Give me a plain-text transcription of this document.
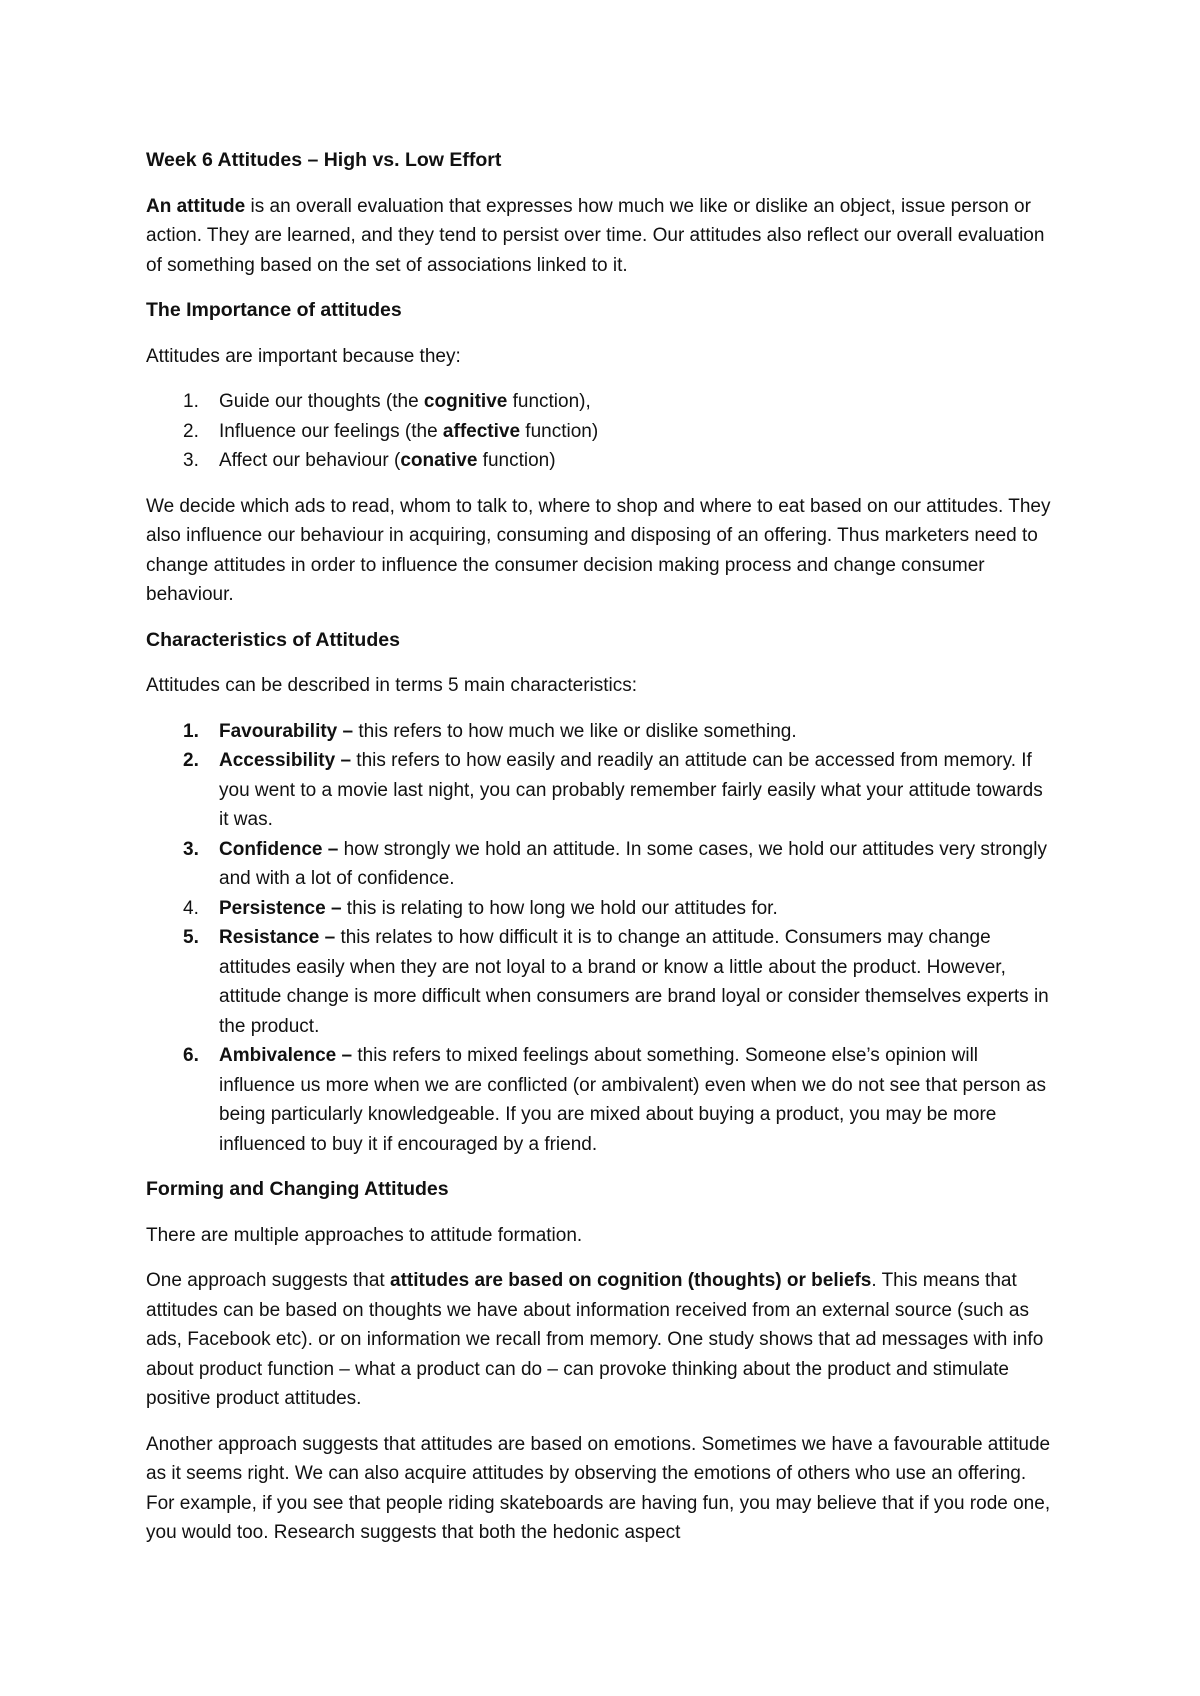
Week 6 Attitudes – High vs. Low Effort

An attitude is an overall evaluation that expresses how much we like or dislike an object, issue person or action. They are learned, and they tend to persist over time. Our attitudes also reflect our overall evaluation of something based on the set of associations linked to it.

The Importance of attitudes

Attitudes are important because they:

1. Guide our thoughts (the cognitive function),
2. Influence our feelings (the affective function)
3. Affect our behaviour (conative function)

We decide which ads to read, whom to talk to, where to shop and where to eat based on our attitudes. They also influence our behaviour in acquiring, consuming and disposing of an offering. Thus marketers need to change attitudes in order to influence the consumer decision making process and change consumer behaviour.

Characteristics of Attitudes

Attitudes can be described in terms 5 main characteristics:

1. Favourability – this refers to how much we like or dislike something.
2. Accessibility – this refers to how easily and readily an attitude can be accessed from memory. If you went to a movie last night, you can probably remember fairly easily what your attitude towards it was.
3. Confidence – how strongly we hold an attitude. In some cases, we hold our attitudes very strongly and with a lot of confidence.
4. Persistence – this is relating to how long we hold our attitudes for.
5. Resistance – this relates to how difficult it is to change an attitude. Consumers may change attitudes easily when they are not loyal to a brand or know a little about the product. However, attitude change is more difficult when consumers are brand loyal or consider themselves experts in the product.
6. Ambivalence – this refers to mixed feelings about something. Someone else’s opinion will influence us more when we are conflicted (or ambivalent) even when we do not see that person as being particularly knowledgeable. If you are mixed about buying a product, you may be more influenced to buy it if encouraged by a friend.
Forming and Changing Attitudes

There are multiple approaches to attitude formation.

One approach suggests that attitudes are based on cognition (thoughts) or beliefs. This means that attitudes can be based on thoughts we have about information received from an external source (such as ads, Facebook etc). or on information we recall from memory. One study shows that ad messages with info about product function – what a product can do – can provoke thinking about the product and stimulate positive product attitudes.

Another approach suggests that attitudes are based on emotions. Sometimes we have a favourable attitude as it seems right. We can also acquire attitudes by observing the emotions of others who use an offering. For example, if you see that people riding skateboards are having fun, you may believe that if you rode one, you would too. Research suggests that both the hedonic aspect
